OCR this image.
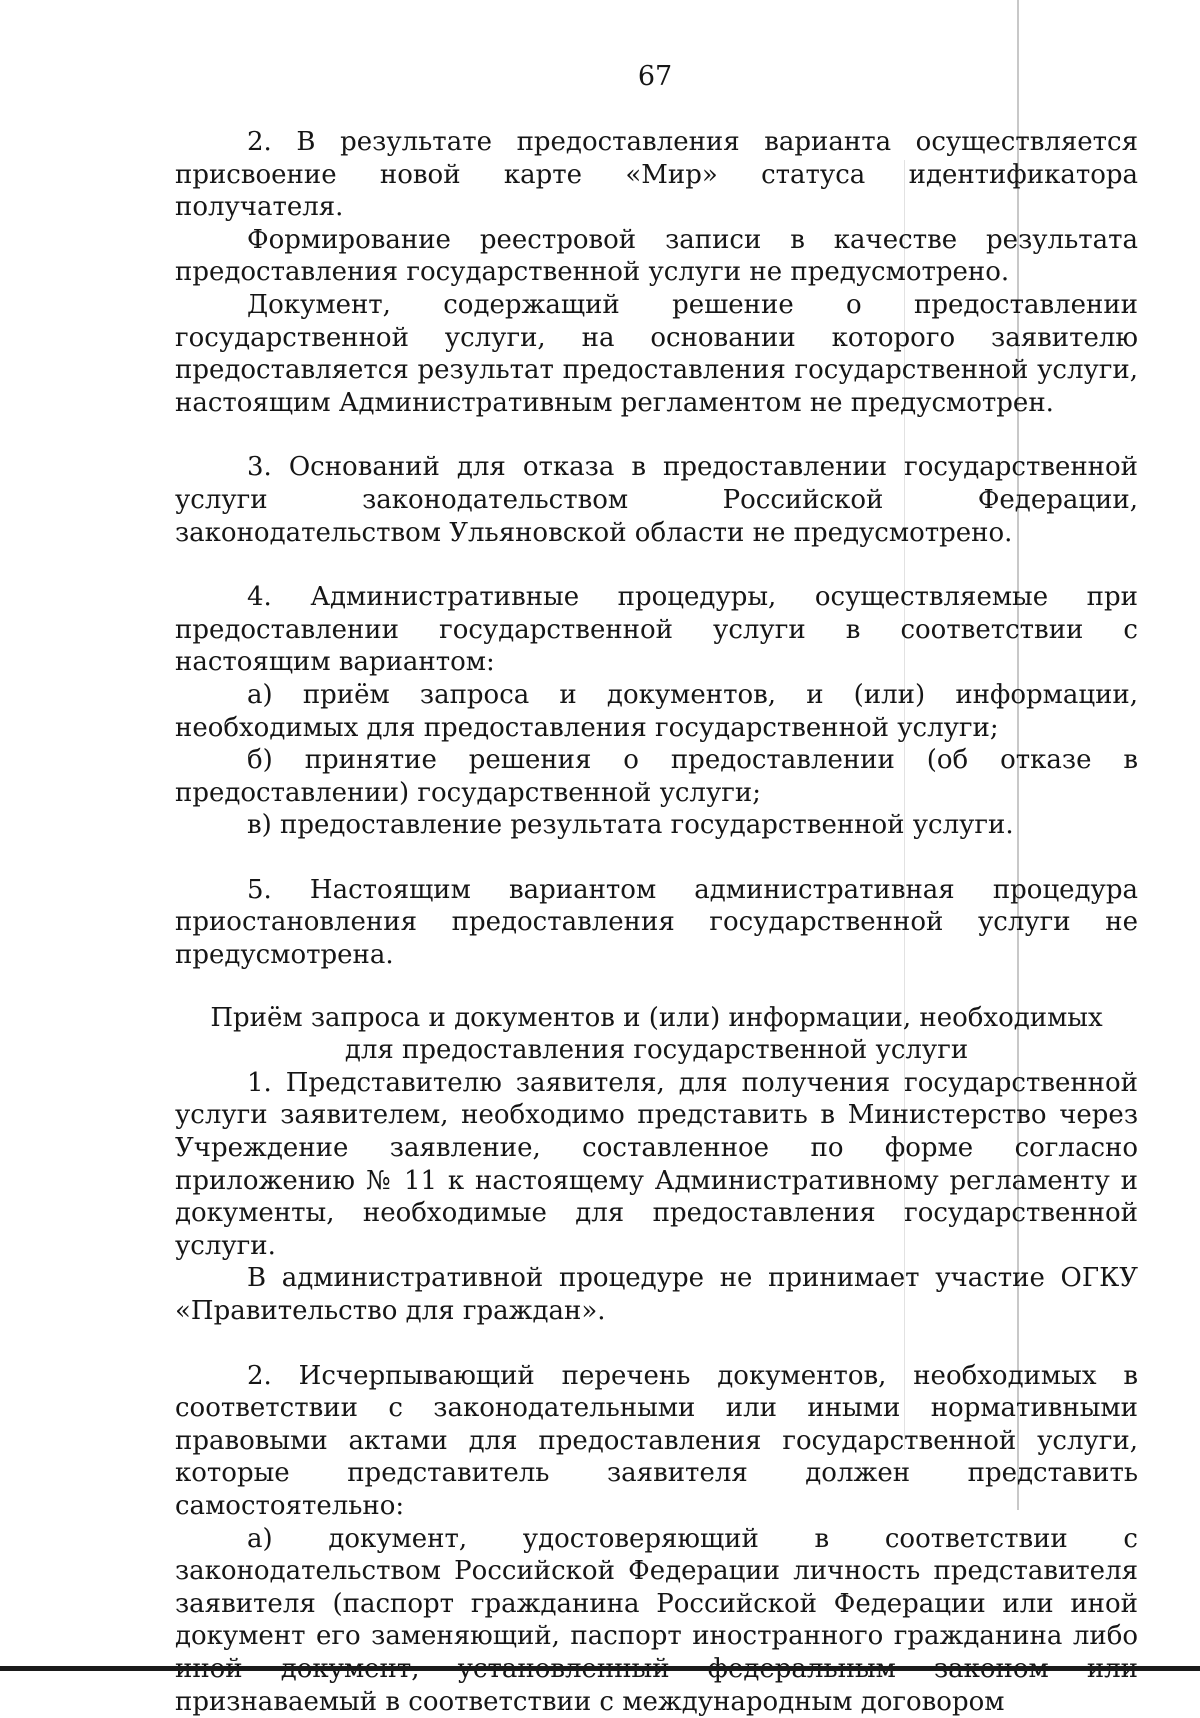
67

2. В результате предоставления варианта осуществляется присвоение новой карте «Мир» статуса идентификатора получателя.

Формирование реестровой записи в качестве результата предоставления государственной услуги не предусмотрено.

Документ, содержащий решение о предоставлении государственной услуги, на основании которого заявителю предоставляется результат предоставления государственной услуги, настоящим Административным регламентом не предусмотрен.

3. Оснований для отказа в предоставлении государственной услуги законодательством Российской Федерации, законодательством Ульяновской области не предусмотрено.

4. Административные процедуры, осуществляемые при предоставлении государственной услуги в соответствии с настоящим вариантом:

а) приём запроса и документов, и (или) информации, необходимых для предоставления государственной услуги;

б) принятие решения о предоставлении (об отказе в предоставлении) государственной услуги;

в) предоставление результата государственной услуги.

5. Настоящим вариантом административная процедура приостановления предоставления государственной услуги не предусмотрена.

Приём запроса и документов и (или) информации, необходимых для предоставления государственной услуги

1. Представителю заявителя, для получения государственной услуги заявителем, необходимо представить в Министерство через Учреждение заявление, составленное по форме согласно приложению № 11 к настоящему Административному регламенту и документы, необходимые для предоставления государственной услуги.

В административной процедуре не принимает участие ОГКУ «Правительство для граждан».

2. Исчерпывающий перечень документов, необходимых в соответствии с законодательными или иными нормативными правовыми актами для предоставления государственной услуги, которые представитель заявителя должен представить самостоятельно:

а) документ, удостоверяющий в соответствии с законодательством Российской Федерации личность представителя заявителя (паспорт гражданина Российской Федерации или иной документ его заменяющий, паспорт иностранного гражданина либо признаваемый в соответствии с международным договором
